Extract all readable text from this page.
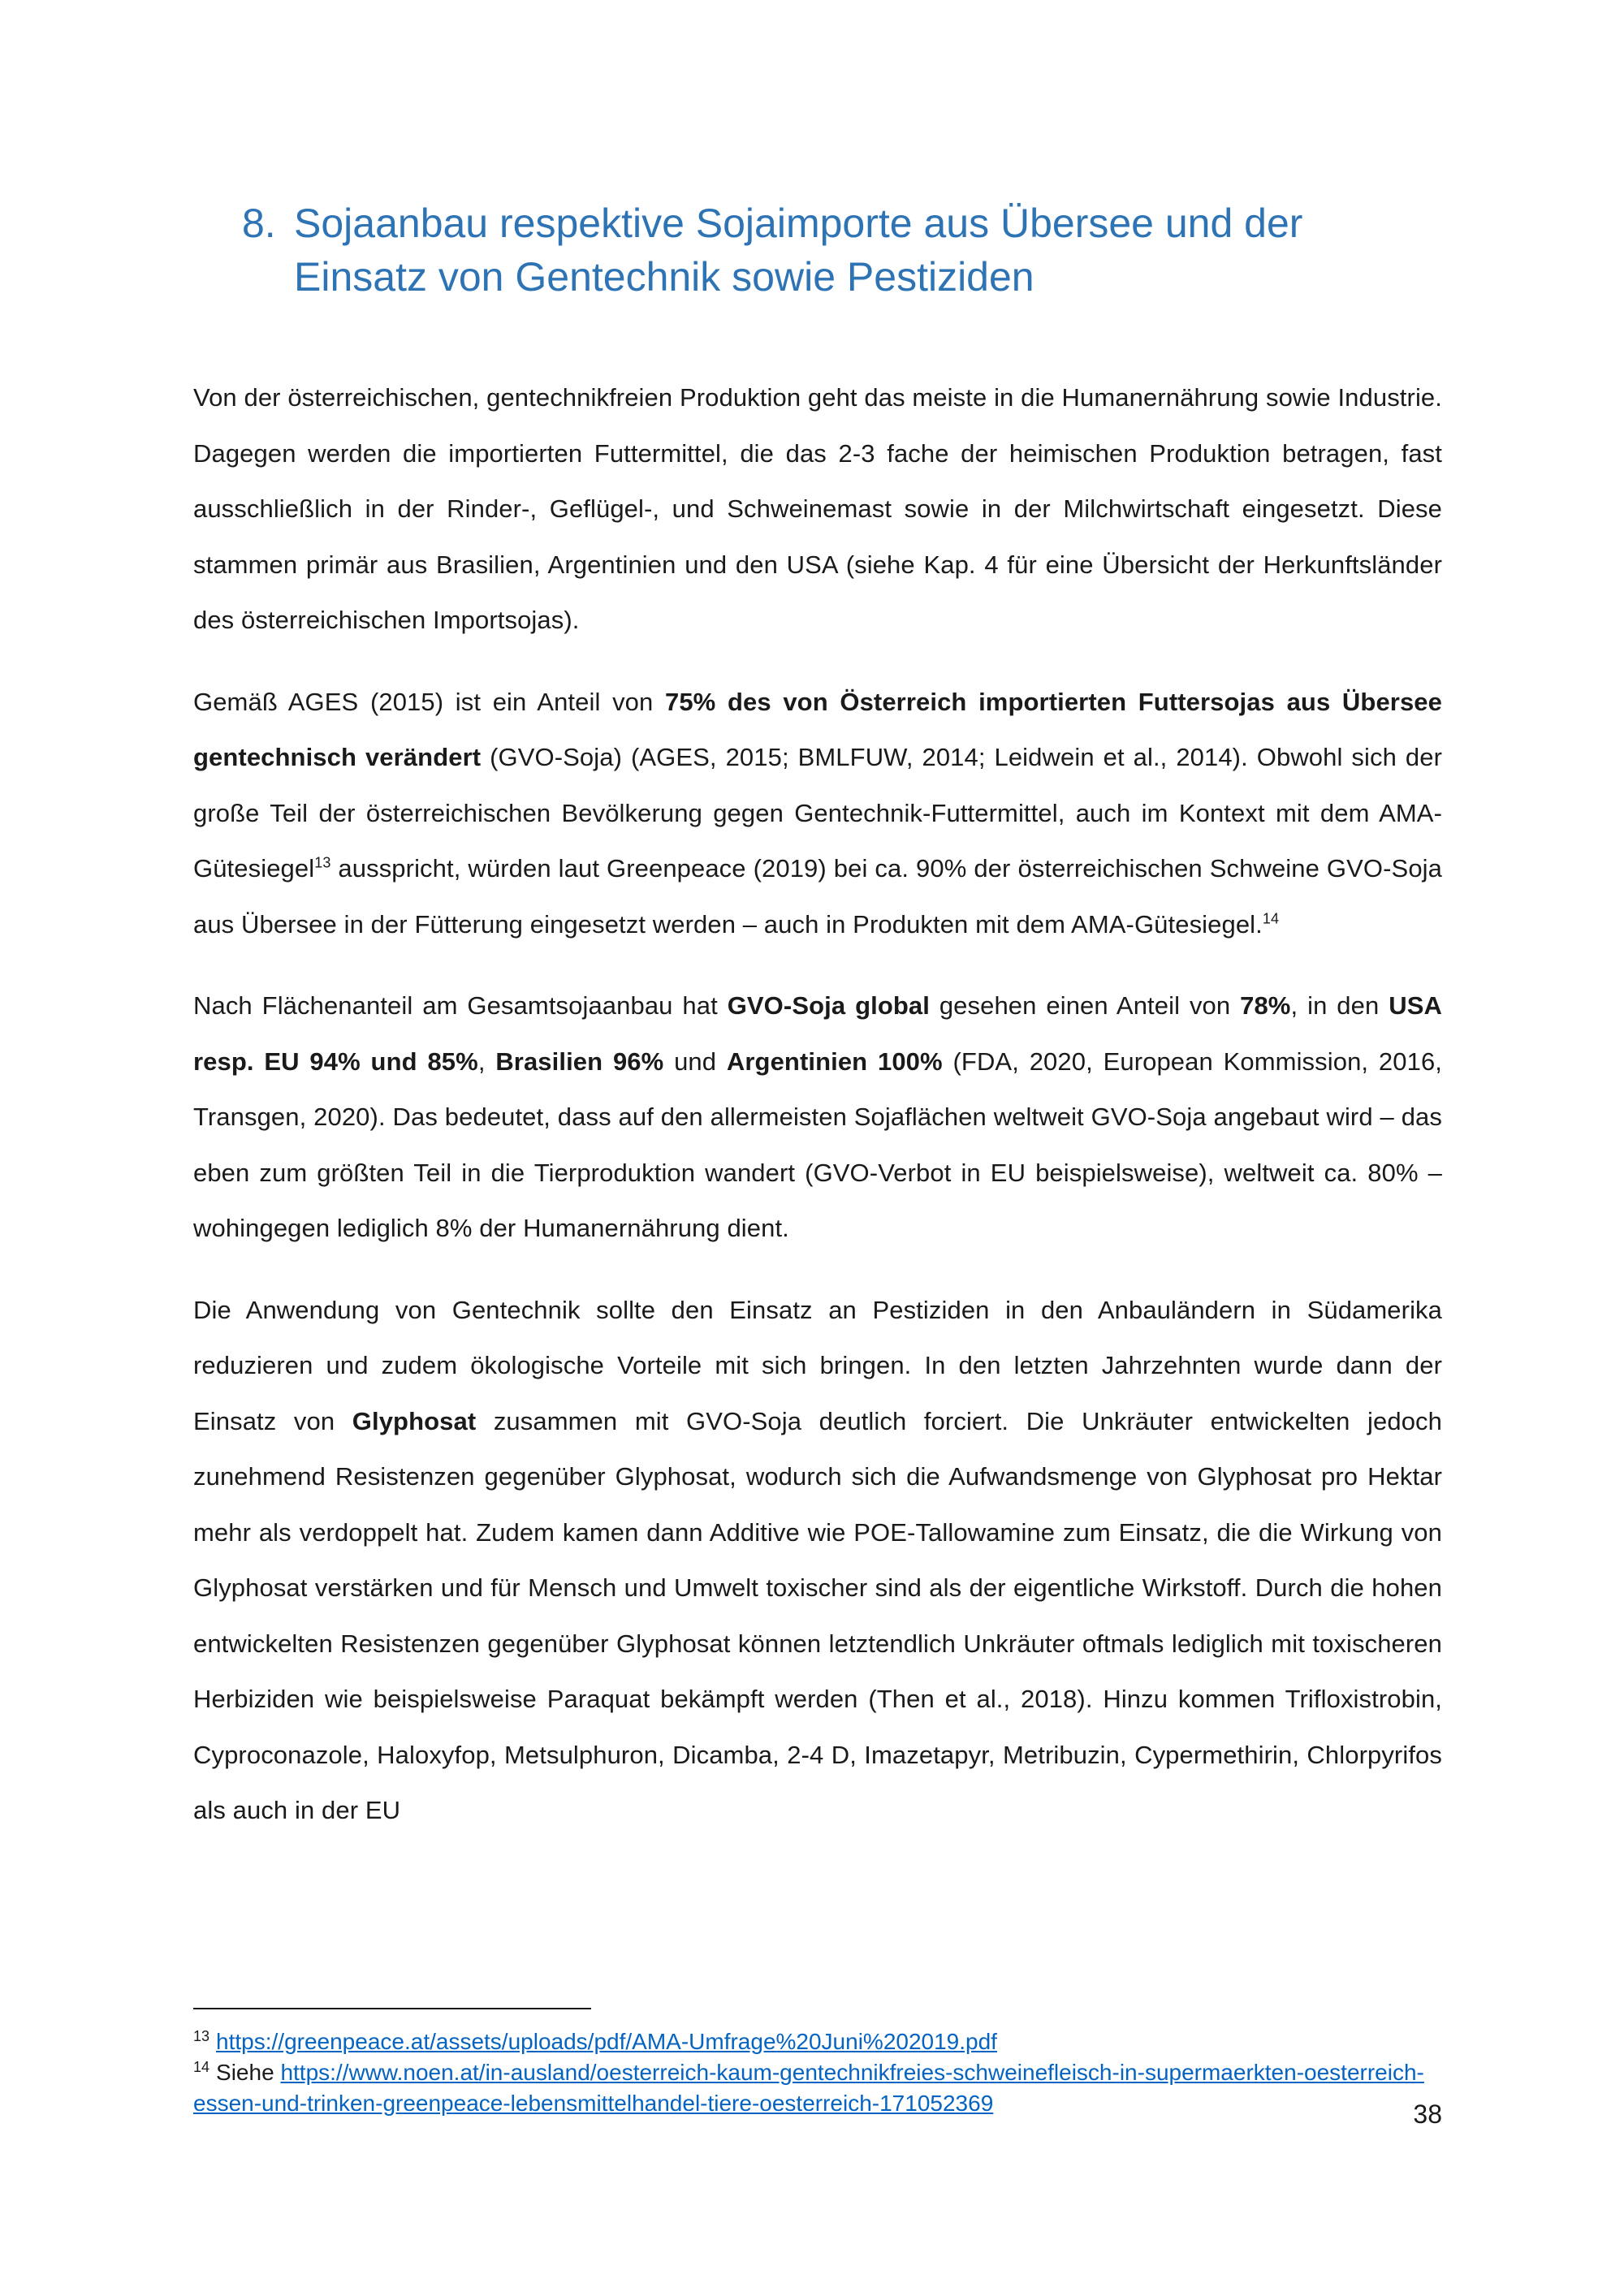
8. Sojaanbau respektive Sojaimporte aus Übersee und der Einsatz von Gentechnik sowie Pestiziden

Von der österreichischen, gentechnikfreien Produktion geht das meiste in die Humanernährung sowie Industrie. Dagegen werden die importierten Futtermittel, die das 2-3 fache der heimischen Produktion betragen, fast ausschließlich in der Rinder-, Geflügel-, und Schweinemast sowie in der Milchwirtschaft eingesetzt. Diese stammen primär aus Brasilien, Argentinien und den USA (siehe Kap. 4 für eine Übersicht der Herkunftsländer des österreichischen Importsojas).

Gemäß AGES (2015) ist ein Anteil von 75% des von Österreich importierten Futtersojas aus Übersee gentechnisch verändert (GVO-Soja) (AGES, 2015; BMLFUW, 2014; Leidwein et al., 2014). Obwohl sich der große Teil der österreichischen Bevölkerung gegen Gentechnik-Futtermittel, auch im Kontext mit dem AMA-Gütesiegel$^{13}$ ausspricht, würden laut Greenpeace (2019) bei ca. 90% der österreichischen Schweine GVO-Soja aus Übersee in der Fütterung eingesetzt werden – auch in Produkten mit dem AMA-Gütesiegel.$^{14}$

Nach Flächenanteil am Gesamtsojaanbau hat GVO-Soja global gesehen einen Anteil von 78%, in den USA resp. EU 94% und 85%, Brasilien 96% und Argentinien 100% (FDA, 2020, European Kommission, 2016, Transgen, 2020). Das bedeutet, dass auf den allermeisten Sojaflächen weltweit GVO-Soja angebaut wird – das eben zum größten Teil in die Tierproduktion wandert (GVO-Verbot in EU beispielsweise), weltweit ca. 80% – wohingegen lediglich 8% der Humanernährung dient.

Die Anwendung von Gentechnik sollte den Einsatz an Pestiziden in den Anbauländern in Südamerika reduzieren und zudem ökologische Vorteile mit sich bringen. In den letzten Jahrzehnten wurde dann der Einsatz von Glyphosat zusammen mit GVO-Soja deutlich forciert. Die Unkräuter entwickelten jedoch zunehmend Resistenzen gegenüber Glyphosat, wodurch sich die Aufwandsmenge von Glyphosat pro Hektar mehr als verdoppelt hat. Zudem kamen dann Additive wie POE-Tallowamine zum Einsatz, die die Wirkung von Glyphosat verstärken und für Mensch und Umwelt toxischer sind als der eigentliche Wirkstoff. Durch die hohen entwickelten Resistenzen gegenüber Glyphosat können letztendlich Unkräuter oftmals lediglich mit toxischeren Herbiziden wie beispielsweise Paraquat bekämpft werden (Then et al., 2018). Hinzu kommen Trifloxistrobin, Cyproconazole, Haloxyfop, Metsulphuron, Dicamba, 2-4 D, Imazetapyr, Metribuzin, Cypermethirin, Chlorpyrifos als auch in der EU

$^{13}$ https://greenpeace.at/assets/uploads/pdf/AMA-Umfrage%20Juni%202019.pdf

$^{14}$ Siehe https://www.noen.at/in-ausland/oesterreich-kaum-gentechnikfreies-schweinefleisch-in-supermaerkten-oesterreich-essen-und-trinken-greenpeace-lebensmittelhandel-tiere-oesterreich-171052369	38
